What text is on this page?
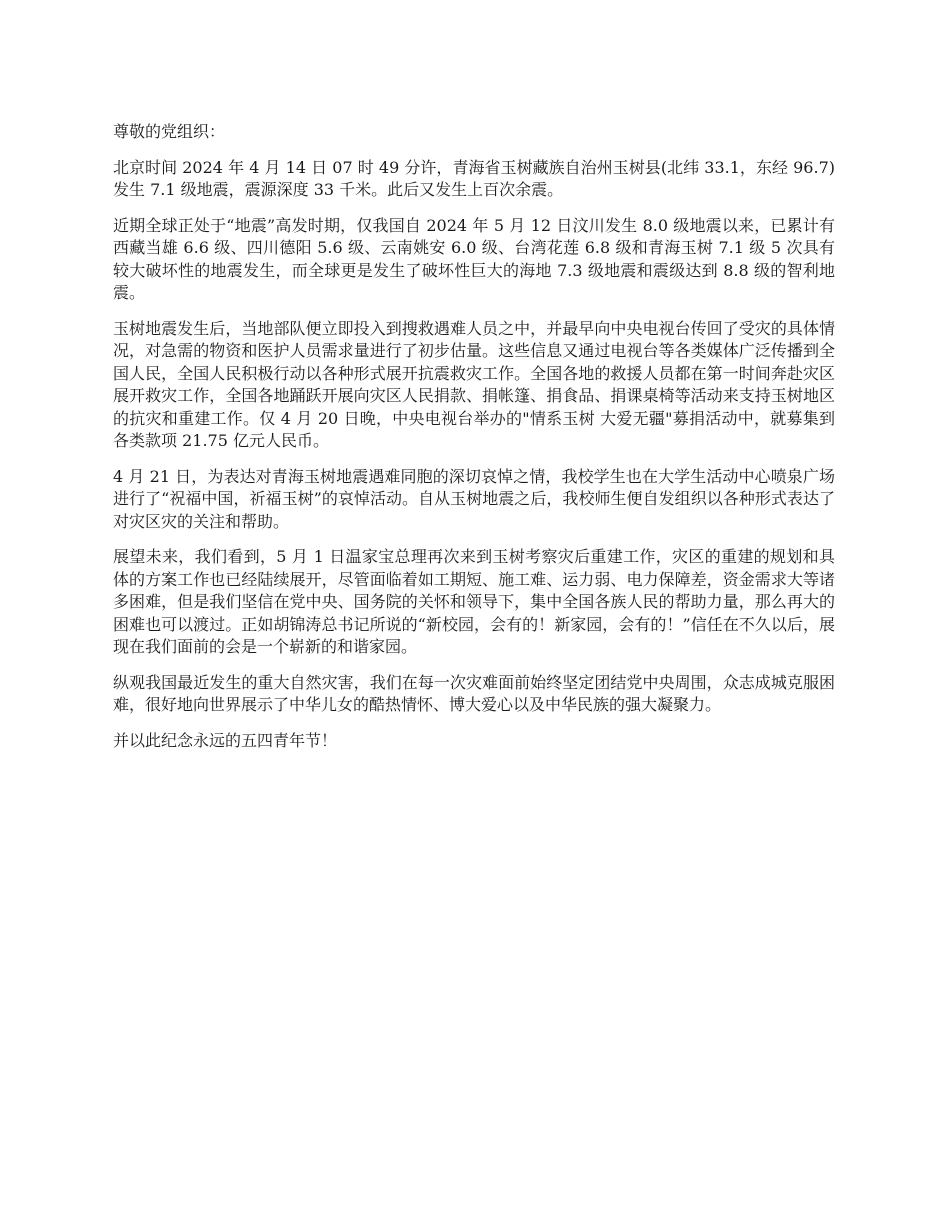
尊敬的党组织：

北京时间 2024 年 4 月 14 日 07 时 49 分许，青海省玉树藏族自治州玉树县(北纬 33.1，东经 96.7)发生 7.1 级地震，震源深度 33 千米。此后又发生上百次余震。

近期全球正处于“地震”高发时期，仅我国自 2024 年 5 月 12 日汶川发生 8.0 级地震以来，已累计有西藏当雄 6.6 级、四川德阳 5.6 级、云南姚安 6.0 级、台湾花莲 6.8 级和青海玉树 7.1 级 5 次具有较大破坏性的地震发生，而全球更是发生了破坏性巨大的海地 7.3 级地震和震级达到 8.8 级的智利地震。

玉树地震发生后，当地部队便立即投入到搜救遇难人员之中，并最早向中央电视台传回了受灾的具体情况，对急需的物资和医护人员需求量进行了初步估量。这些信息又通过电视台等各类媒体广泛传播到全国人民，全国人民积极行动以各种形式展开抗震救灾工作。全国各地的救援人员都在第一时间奔赴灾区展开救灾工作，全国各地踊跃开展向灾区人民捐款、捐帐篷、捐食品、捐课桌椅等活动来支持玉树地区的抗灾和重建工作。仅 4 月 20 日晚，中央电视台举办的"情系玉树 大爱无疆"募捐活动中，就募集到各类款项 21.75 亿元人民币。

4 月 21 日，为表达对青海玉树地震遇难同胞的深切哀悼之情，我校学生也在大学生活动中心喷泉广场进行了“祝福中国，祈福玉树”的哀悼活动。自从玉树地震之后，我校师生便自发组织以各种形式表达了对灾区灾的关注和帮助。

展望未来，我们看到，5 月 1 日温家宝总理再次来到玉树考察灾后重建工作，灾区的重建的规划和具体的方案工作也已经陆续展开，尽管面临着如工期短、施工难、运力弱、电力保障差，资金需求大等诸多困难，但是我们坚信在党中央、国务院的关怀和领导下，集中全国各族人民的帮助力量，那么再大的困难也可以渡过。正如胡锦涛总书记所说的“新校园，会有的！新家园，会有的！”信任在不久以后，展现在我们面前的会是一个崭新的和谐家园。

纵观我国最近发生的重大自然灾害，我们在每一次灾难面前始终坚定团结党中央周围，众志成城克服困难，很好地向世界展示了中华儿女的酷热情怀、博大爱心以及中华民族的强大凝聚力。

并以此纪念永远的五四青年节！
